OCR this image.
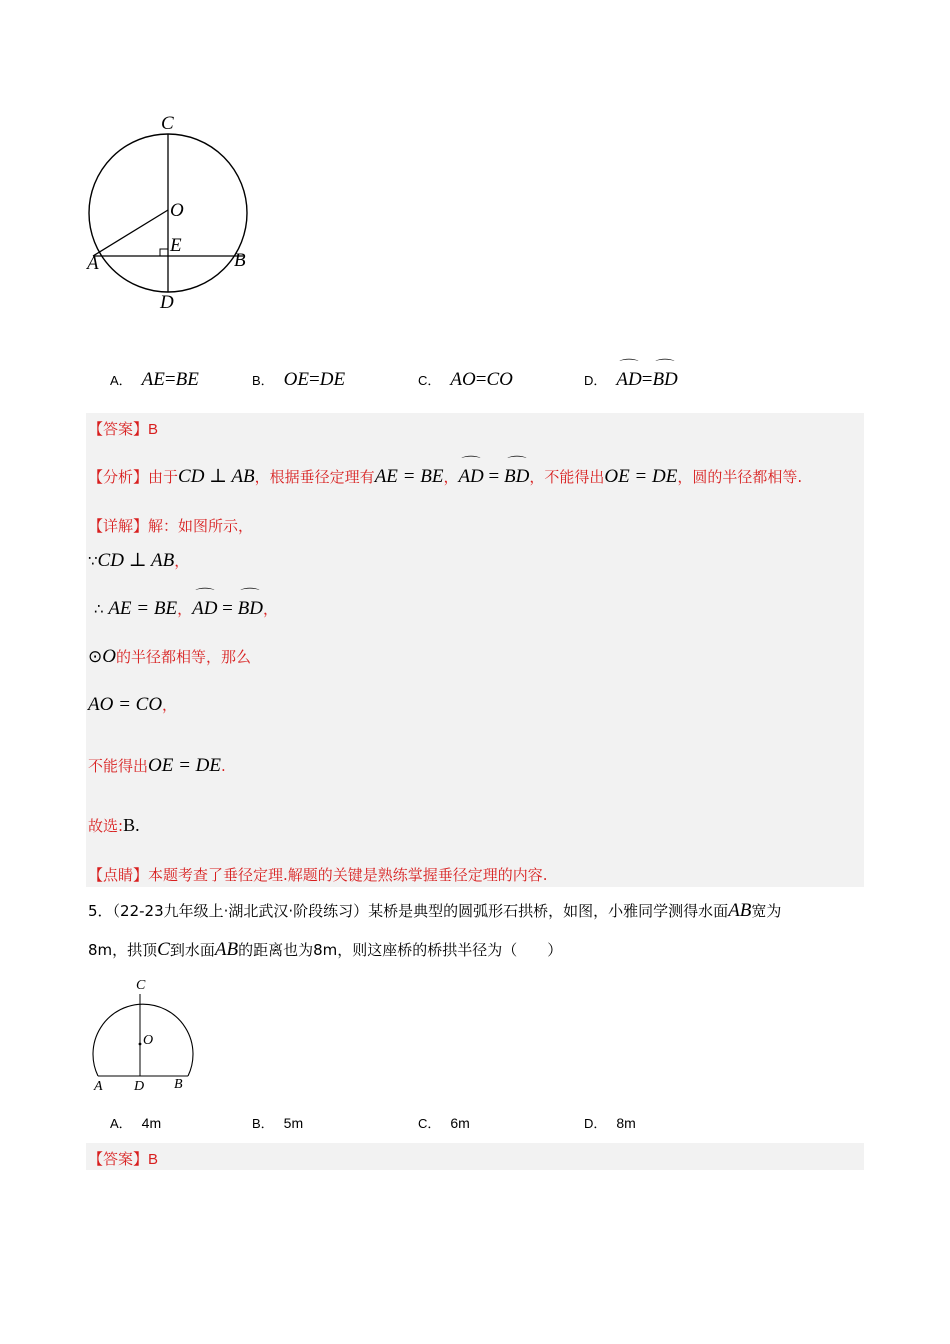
C
O
E
A	B
D
A． AE=BE	B． OE=DE	C． AO=CO	D．⌒ AD=⌒ BD
【答案】B
【分析】由于CD ⊥ AB，根据垂径定理有AE = BE，⌒ AD = ⌒ BD，不能得出OE = DE，圆的半径都相等.
【详解】解：如图所示，
∵CD ⊥ AB，
∴ AE = BE，⌒ AD = ⌒ BD，
⊙O的半径都相等，那么
AO = CO，
不能得出OE = DE.
故选:B.
【点睛】本题考查了垂径定理.解题的关键是熟练掌握垂径定理的内容.
5．（22-23九年级上·湖北武汉·阶段练习）某桥是典型的圆弧形石拱桥，如图，小雅同学测得水面AB宽为
8m，拱顶C到水面AB的距离也为8m，则这座桥的桥拱半径为（　　）
C
O
A D B
A． 4m	B． 5m	C． 6m	D． 8m
【答案】B
